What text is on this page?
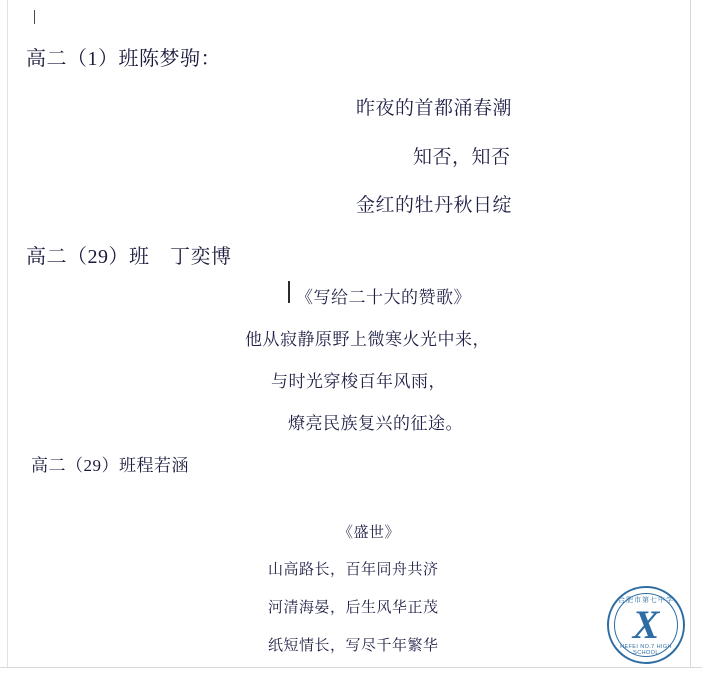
高二（1）班陈梦驹：
昨夜的首都涌春潮
知否，知否
金红的牡丹秋日绽
高二（29）班　丁奕博
《写给二十大的赞歌》
他从寂静原野上微寒火光中来，
与时光穿梭百年风雨，
燎亮民族复兴的征途。
高二（29）班程若涵
《盛世》
山高路长，百年同舟共济
河清海晏，后生风华正茂
纸短情长，写尽千年繁华
合肥市第七中学
X
HEFEI NO.7 HIGH SCHOOL
